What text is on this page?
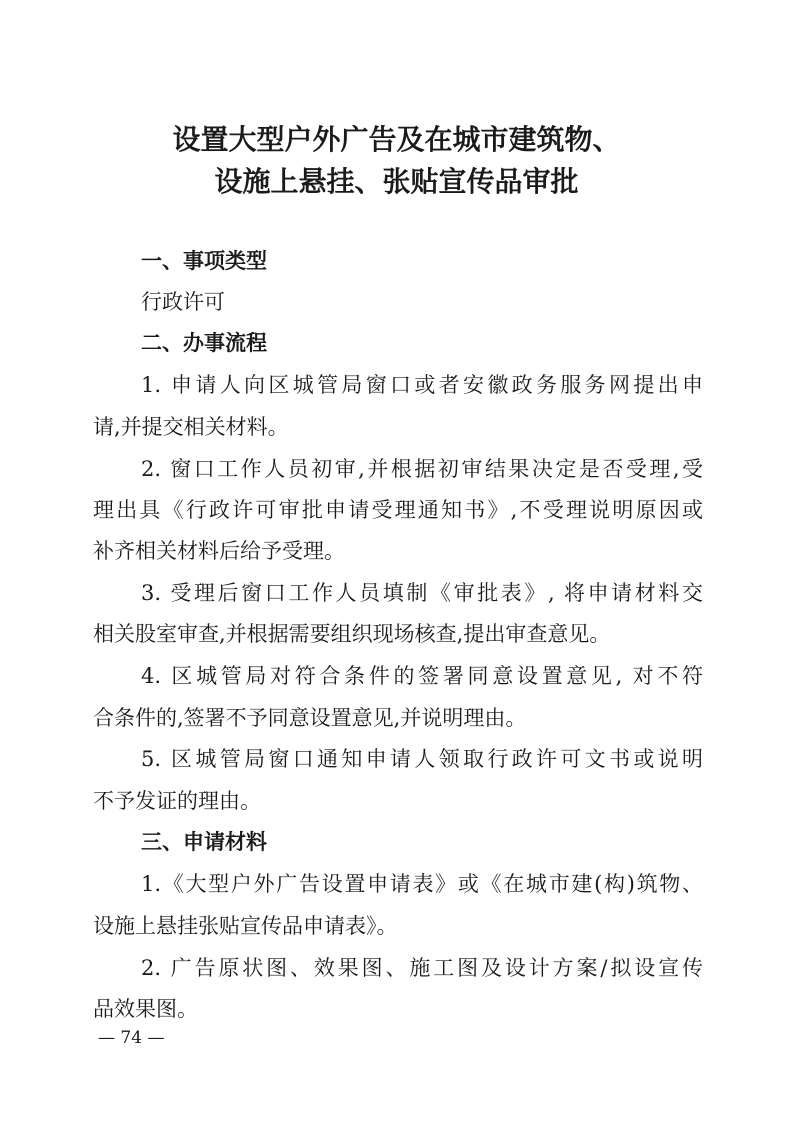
设置大型户外广告及在城市建筑物、
设施上悬挂、张贴宣传品审批
一、事项类型
行政许可
二、办事流程
1. 申请人向区城管局窗口或者安徽政务服务网提出申
请,并提交相关材料。
2. 窗口工作人员初审,并根据初审结果决定是否受理,受
理出具《行政许可审批申请受理通知书》,不受理说明原因或
补齐相关材料后给予受理。
3. 受理后窗口工作人员填制《审批表》, 将申请材料交
相关股室审查,并根据需要组织现场核查,提出审查意见。
4. 区城管局对符合条件的签署同意设置意见, 对不符
合条件的,签署不予同意设置意见,并说明理由。
5. 区城管局窗口通知申请人领取行政许可文书或说明
不予发证的理由。
三、申请材料
1.《大型户外广告设置申请表》或《在城市建(构)筑物、
设施上悬挂张贴宣传品申请表》。
2. 广告原状图、效果图、施工图及设计方案/拟设宣传
品效果图。
— 74 —
